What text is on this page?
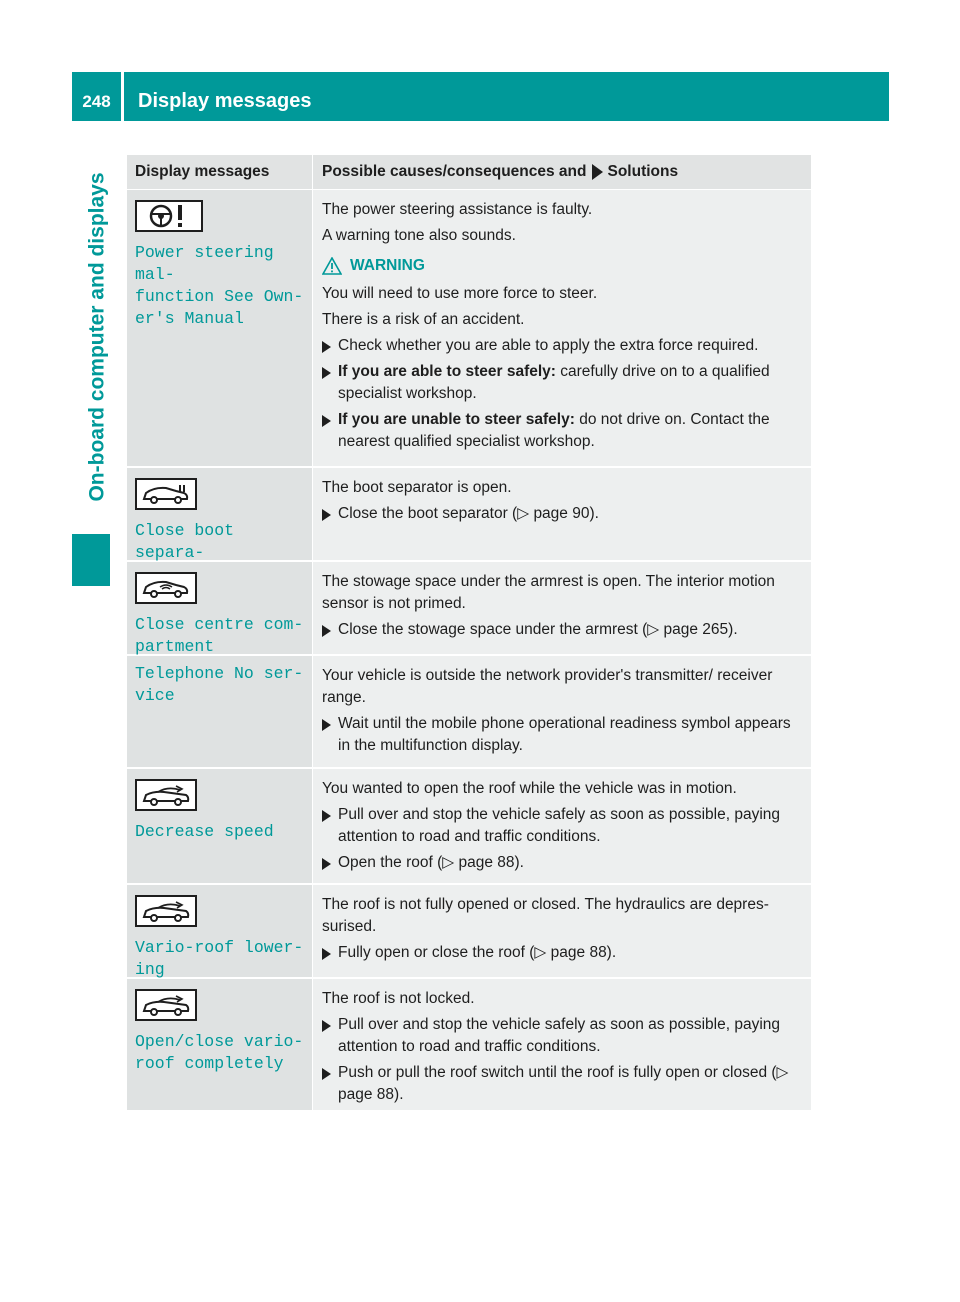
248	Display messages
On-board computer and displays
Display messages	Possible causes/consequences and Solutions
Power steering mal‐
function See Own‐
er's Manual

The power steering assistance is faulty.

A warning tone also sounds.

WARNING

You will need to use more force to steer.

There is a risk of an accident.

Check whether you are able to apply the extra force required.
If you are able to steer safely: carefully drive on to a qualified specialist workshop.
If you are unable to steer safely: do not drive on. Contact the nearest qualified specialist workshop.
Close boot separa‐

The boot separator is open.

Close the boot separator (▷ page 90).
Close centre com‐
partment

The stowage space under the armrest is open. The interior motion sensor is not primed.

Close the stowage space under the armrest (▷ page 265).
Telephone No ser‐
vice

Your vehicle is outside the network provider's transmitter/ receiver range.

Wait until the mobile phone operational readiness symbol appears in the multifunction display.
Decrease speed

You wanted to open the roof while the vehicle was in motion.

Pull over and stop the vehicle safely as soon as possible, paying attention to road and traffic conditions.
Open the roof (▷ page 88).
Vario-roof lower‐
ing

The roof is not fully opened or closed. The hydraulics are depres‐ surised.

Fully open or close the roof (▷ page 88).
Open/close vario-
roof completely

The roof is not locked.

Pull over and stop the vehicle safely as soon as possible, paying attention to road and traffic conditions.
Push or pull the roof switch until the roof is fully open or closed (▷ page 88).
